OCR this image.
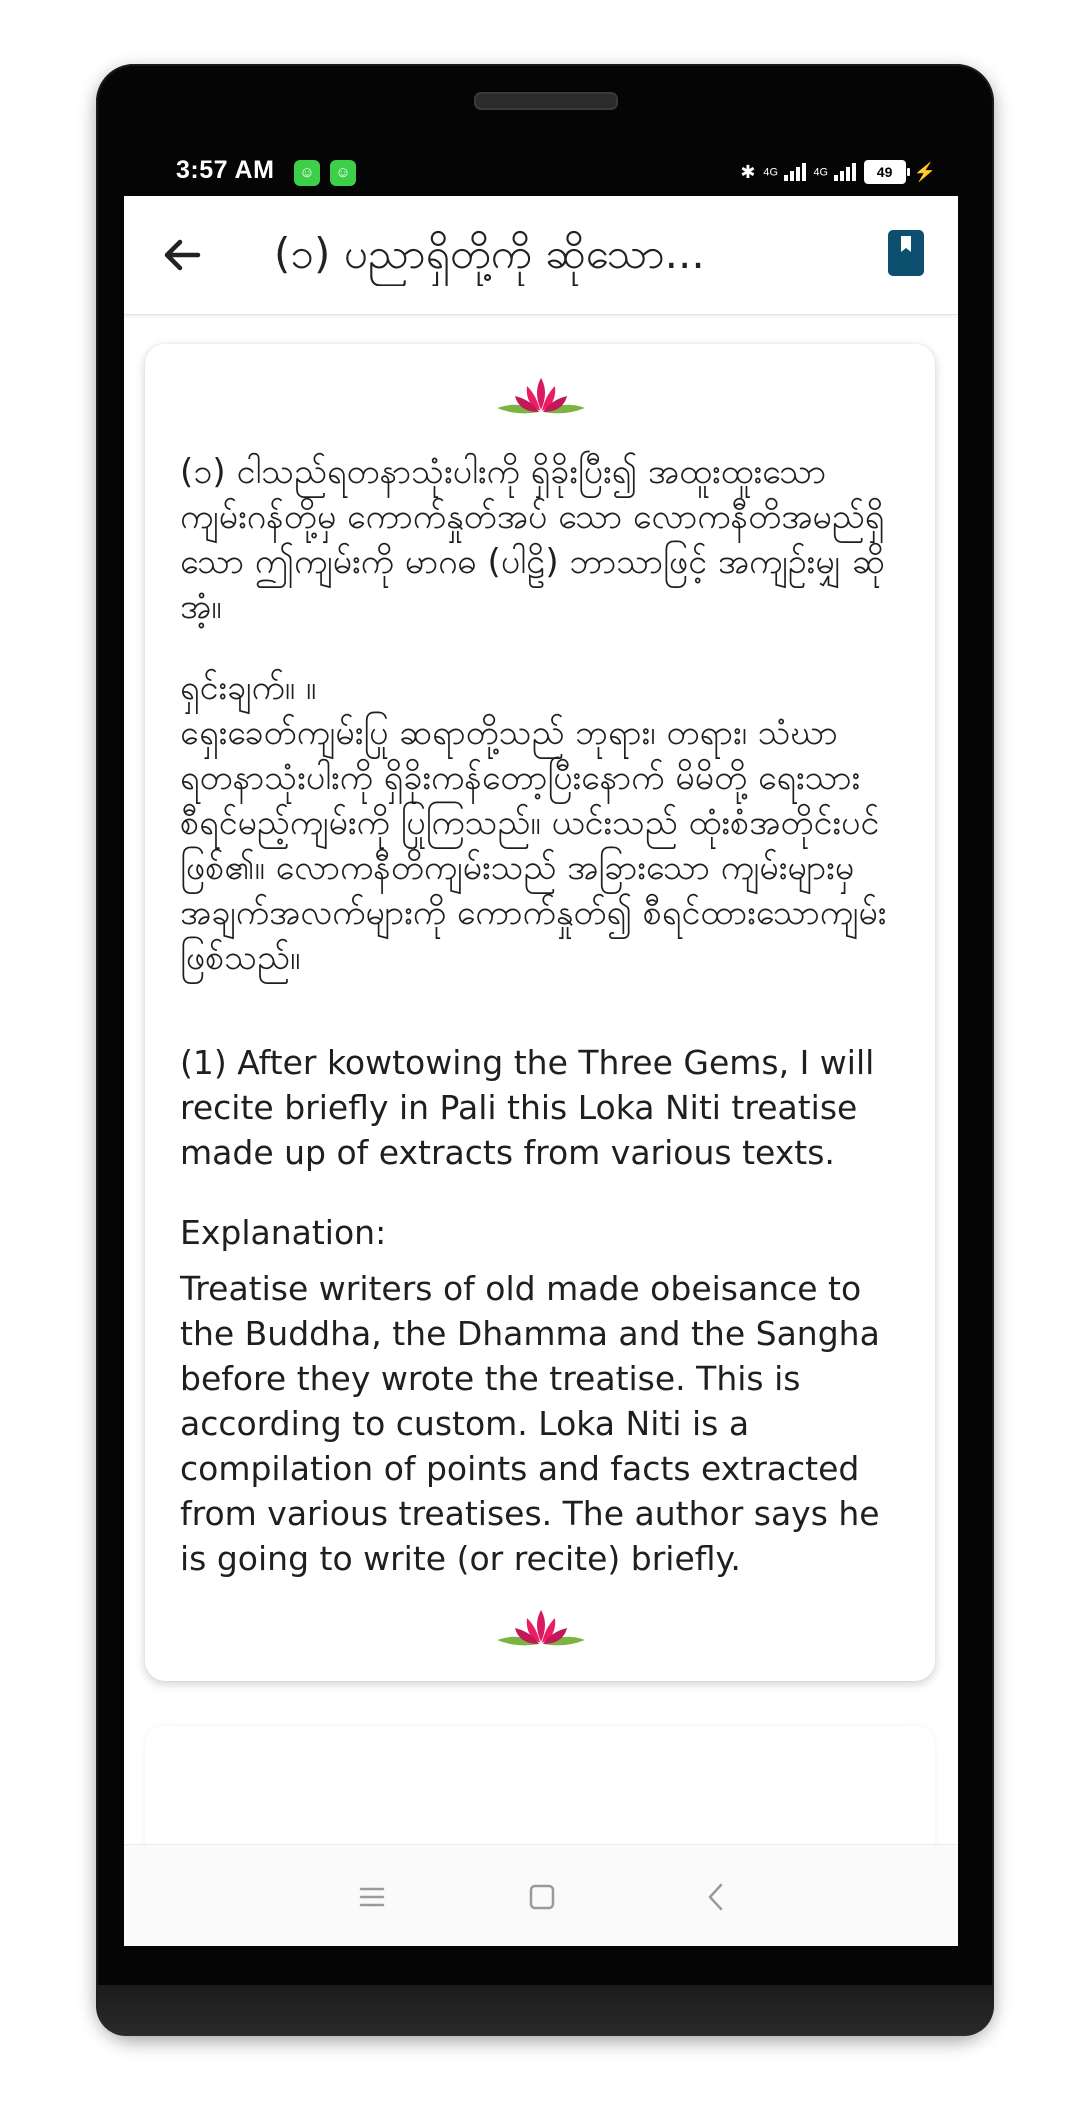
3:57 AM	☺	☺	✱ $^{4G}$	$^{4G}$	49	⚡
(၁) ပညာရှိတို့ကို ဆိုသော...
(၁) ငါသည်ရတနာသုံးပါးကို ရှိခိုးပြီး၍ အထူးထူးသော ကျမ်းဂန်တို့မှ ကောက်နှုတ်အပ် သော လောကနီတိအမည်ရှိသော ဤကျမ်းကို မာဂဓ (ပါဠိ) ဘာသာဖြင့် အကျဉ်းမျှ ဆိုအံ့။
ရှင်းချက်။ ။
ရှေးခေတ်ကျမ်းပြု ဆရာတို့သည် ဘုရား၊ တရား၊ သံဃာ ရတနာသုံးပါးကို ရှိခိုးကန်တော့ပြီးနောက် မိမိတို့ ရေးသားစီရင်မည့်ကျမ်းကို ပြုကြသည်။ ယင်းသည် ထုံးစံအတိုင်းပင် ဖြစ်၏။ လောကနီတိကျမ်းသည် အခြားသော ကျမ်းများမှ အချက်အလက်များကို ကောက်နှုတ်၍ စီရင်ထားသောကျမ်းဖြစ်သည်။
(1) After kowtowing the Three Gems, I will recite briefly in Pali this Loka Niti treatise made up of extracts from various texts.
Explanation:
Treatise writers of old made obeisance to the Buddha, the Dhamma and the Sangha before they wrote the treatise. This is according to custom. Loka Niti is a compilation of points and facts extracted from various treatises. The author says he is going to write (or recite) briefly.
